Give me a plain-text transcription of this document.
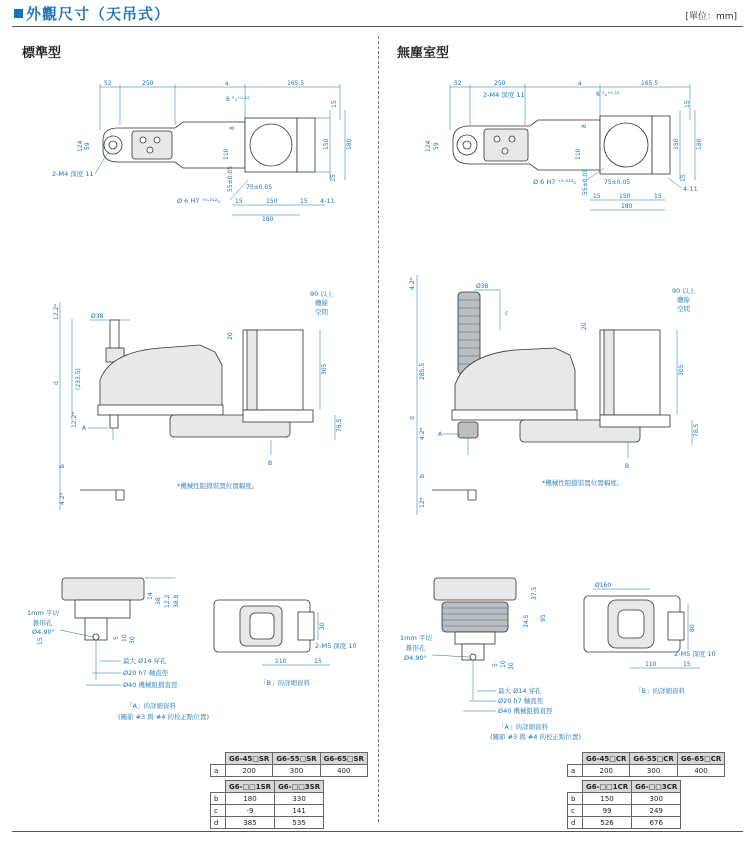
外觀尺寸（天吊式）	[單位：mm]
標準型	無塵室型
52	250	a	165.5
6 °₀⁺⁰·¹²
15
150	180
15
124 59
110
8
2-M4 深度 11	55±0.05 75±0.05
Ø 6 H7 ⁺⁰·⁰¹²₀	15	150	15 4-11
180
12.2*
d	(233.5)
12.2*
b
4.2*
Ø38
A
20
305
78.5
90 以上
纜線
空間
B
*機械性阻擋裝置位置幅度。
14
38 12.2 38.8
5 10 30
1mm 平切
錐形孔
Ø4,90°
15
最大 Ø14 穿孔
Ø20 h7 軸直徑
Ø40 機械阻擋直徑
「A」的詳細資料
(關節 #3 與 #4 的校正點位置)
30
110	15
2-M5 深度 10
「B」的詳細資料
52	250	a	165.5
2-M4 深度 11	6 °₀⁺⁰·¹²
15
150	180
15
124 59
110
8
55±0.05	75±0.05
Ø 6 H7 ⁺⁰·⁰¹²₀
4-11
15	150	15
180
4.2*
d
285.5
4.2*
b
12*
Ø38
c
A
20
305
78.5
90 以上
纜線
空間
B
*機械性阻擋裝置位置幅度。
37.5
34.5 95
5 10 30
1mm 平切
錐形孔
Ø4,90°
最大 Ø14 穿孔
Ø20 h7 軸直徑
Ø40 機械阻擋直徑
「A」的詳細資料
(關節 #3 與 #4 的校正點位置)
Ø160
80
110	15
2-M5 深度 10
「B」的詳細資料
	G6-45□SR	G6-55□SR	G6-65□SR
a	200	300	400
	G6-□□1SR	G6-□□3SR
b	180	330
c	-9	141
d	385	535
	G6-45□CR	G6-55□CR	G6-65□CR
a	200	300	400
	G6-□□1CR	G6-□□3CR
b	150	300
c	99	249
d	526	676
